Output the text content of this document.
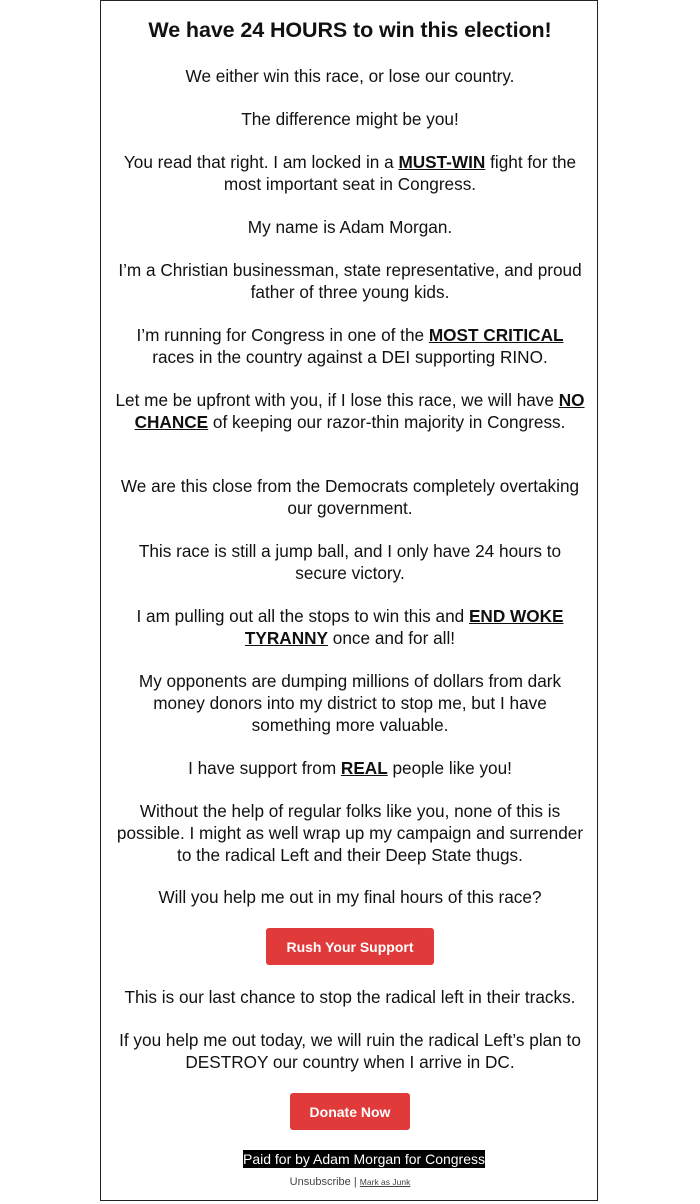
We have 24 HOURS to win this election!

We either win this race, or lose our country.

The difference might be you!

You read that right. I am locked in a MUST-WIN fight for the most important seat in Congress.

My name is Adam Morgan.

I’m a Christian businessman, state representative, and proud father of three young kids.

I’m running for Congress in one of the MOST CRITICAL races in the country against a DEI supporting RINO.

Let me be upfront with you, if I lose this race, we will have NO CHANCE of keeping our razor-thin majority in Congress.

We are this close from the Democrats completely overtaking our government.

This race is still a jump ball, and I only have 24 hours to secure victory.

I am pulling out all the stops to win this and END WOKE TYRANNY once and for all!

My opponents are dumping millions of dollars from dark money donors into my district to stop me, but I have something more valuable.

I have support from REAL people like you!

Without the help of regular folks like you, none of this is possible. I might as well wrap up my campaign and surrender to the radical Left and their Deep State thugs.

Will you help me out in my final hours of this race?

Rush Your Support

This is our last chance to stop the radical left in their tracks.

If you help me out today, we will ruin the radical Left’s plan to DESTROY our country when I arrive in DC.

Donate Now
Paid for by Adam Morgan for Congress
Unsubscribe | Mark as Junk
